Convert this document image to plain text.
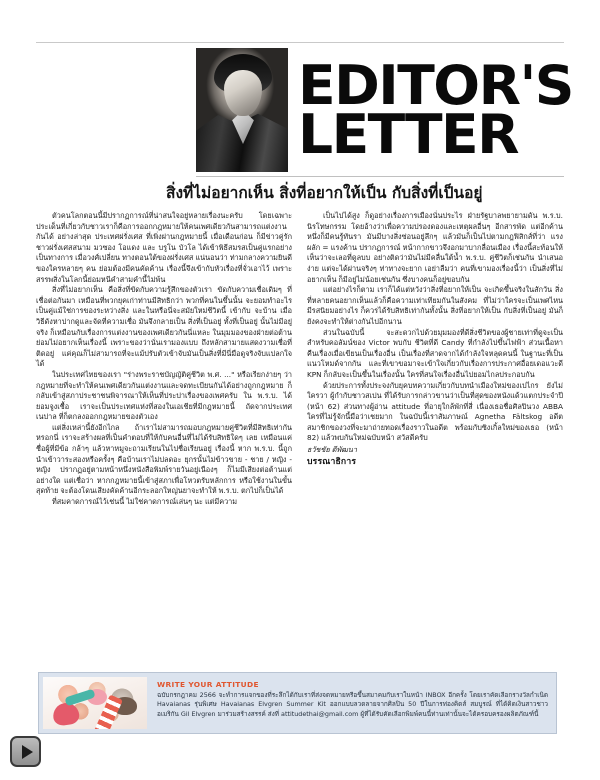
EDITOR'S
LETTER
สิ่งที่ไม่อยากเห็น สิ่งที่อยากให้เป็น กับสิ่งที่เป็นอยู่

ตัวคนโลกตอนนี้มีปรากฏการณ์ที่น่าสนใจอยู่หลายเรื่องนะครับ โดยเฉพาะประเด็นที่เกี่ยวกับชาวเราก็คือการออกกฎหมายให้คนเพศเดียวกันสามารถแต่งงานกันได้ อย่างล่าสุด ประเทศฝรั่งเศส ที่เพิ่งผ่านกฎหมายนี้ เมื่อเดือนก่อน ก็มีข่าวคู่รักชาวฝรั่งเศสสนาม มวซอง โอแดง และ บรูโน บัวโล ได้เข้าพิธีสมรสเป็นคู่แรกอย่างเป็นทางการ เมื่อวงศ์เปลี่ยน ทางตอนใต้ของฝรั่งเศส แน่นอนว่า ท่ามกลางความยินดีของใครหลายๆ คน ย่อมต้องมีคนคัดค้าน เรื่องนี้จึงเข้ากับหัวเรื่องที่จั่วเอาไว้ เพราะสรรพสิ่งในโลกนี้ย่อมหนีคำสามคำนี้ไม่พ้น

สิ่งที่ไม่อยากเห็น คือสิ่งที่ขัดกับความรู้สึกของตัวเรา ขัดกับความเชื่อเดิมๆ ที่เชื่อต่อกันมา เหมือนที่พวกยุคเก่าท่านมีสิทธิกว่า พวกที่คนในขึ้นนั้น จะยอมทำอะไรเป็นคู่แม้ใช่การของระหว่างสิ่ง และในหรือนี่จะสมัยใหม่ชีวิตนี้ เข้ากับ จะบ้าน เมื่อวิธีดังหาปากดูและจัดที่ความเชื่อ มันจึงกลายเป็น สิ่งที่เป็นอยู่ ทั้งที่เป็นอยู่ นั้นไม่มีอยู่จริง ก็เหมือนกับเรื่องการแต่งงานของเพศเดียวกันนี่แหละ ในมุมมองของฝ่ายต่อต้านย่อมไม่อยากเห็นเรื่องนี้ เพราะของว่านั่นเรามองแบบ ถึงหลักสามายแสดงวามเชื่อที่ติดอยู่ แค่คุณก็ไม่สามารถที่จะแม้ปรับตัวเข้าจับมันเป็นสิ่งที่มีนี่มือดูจริงจับแปลกใจได้

ในประเทศไทยของเรา "ร่างพระราชบัญญัติคู่ชีวิต พ.ศ. ..." หรือเรียกง่ายๆ ว่า กฎหมายที่จะทำให้คนเพศเดียวกันแต่งงานและจดทะเบียนกันได้อย่างถูกกฎหมาย ก็กลับเข้าสู่สภาประชาชนพิจารณาให้เห็นที่ประปาเรื่องของเพศครับ ใน พ.ร.บ. ได้ยอมจูงเชื้อ เราจะเป็นประเทศแห่งที่สองในเอเชียที่มีกฎหมายนี้ ถัดจากประเทศเนปาล ที่ก็ตกลงออกกฎหมายของตัวเอง

แต่สิ่งเหล่านี้ยังอีกไกล ถ้าเราไม่สามารถมอบกฎหมายคู่ชีวิตที่มีสิทธิเท่ากัน หรอกนี่ เราจะสร้างผลที่เป็นคำตอบที่ให้กับคนอื่นที่ไม่ได้รับสิทธิใดๆ เลย เหมือนแค่ชื่อผู้ที่มีข้อ กล้าๆ แล้วหาหมูจะถามเรียนในไปชื่อเรียนอยู่ เรื่องนี้ หาก พ.ร.บ. นี้ถูกนำเข้าวาระสองหรือครั้งๆ คือบ้านเราไม่ปลดอะ ยุกรนั้นไม่ข้าวขาย - ชาย / หญิง - หญิง ปรากฏอยู่ตามหน้าหนึ่งหนังสือพิมพ์รายวันอยู่เนืองๆ ก็ไมมีเสียงต่อต้านแต่อย่างใด แต่เชื่อว่า หากกฎหมายนี้เข้าสู่สภาเพื่อโหวตรับหลักการ หรือใช้งานในขั้นสุดท้าย จะต้องโดนเสียงคัดค้านอีกระลอกใหญ่นยาจะทำให้ พ.ร.บ. ตกไปก็เป็นได้

ที่สมคาดการณ์ไว้เช่นนี้ ไม่ใช่คาดการณ์เล่นๆ นะ แต่มีความ

เป็นไปได้สูง ก็ดูอย่างเรื่องการเมืองนั่นประไร ฝ่ายรัฐบาลพยายามดัน พ.ร.บ. นิรโทษกรรม โดยอ้างว่าเพื่อความปรองดองและเหตุผลอื่นๆ อีกสารพัด แต่อีกค้านหนึ่งก็มีคนรู้ทันรา มันมีบางสิ่งซ่อนอยู่ลึกๆ แล้วมันก็เป็นไปตามกฎฟิสิกส์ที่ว่า แรงผลัก = แรงค้าน ปรากฏการณ์ หน้ากากขาวจึงอกมาบากลื่อนเมือง เรื่องนี้สะท้อนให้เห็นว่าจะเลอที่ดูลบบ อย่างติดว่ามันไม่มีคลื่นใต้น้ำ พ.ร.บ. คู่ชีวิตก็เช่นกัน นำเสนอง่าย แต่จะได้ผ่านจริงๆ ท่าทางจะยาก เอย่าลืมว่า คนที่เขามองเรื่องนี้ว่า เป็นสิ่งที่ไม่อยากเห็น ก็มีอยู่ไม่น้อยเช่นกัน ซึ่งบางคนก็อยู่ขอบกัน

แต่อย่างไรก็ตาม เราก็ได้แต่หวังว่าสิ่งที่อยากให้เป็น จะเกิดขึ้นจริงในสักวัน สิ่งที่หลายคนอยากเห็นแล้วก็คือความเท่าเทียมกันในสังคม ที่ไม่ว่าใครจะเป็นเพศไหน มีรสนิยมอย่างไร ก็ควรได้รับสิทธิเท่ากันทั้งนั้น สิ่งที่อยากให้เป็น กับสิ่งที่เป็นอยู่ มันก็ยังคงจะทำให้ต่างกันไปอีกนาน

ส่วนในฉบับนี้ จะสะดวกไปด้วยมุมมองที่ดีสิ่งชีวิตของผู้ชายเท่าที่ดูจะเป็น สำหรับคอลัมน์ของ Victor พบกับ ชีวิตที่ดี Candy ที่กำลังไปขึ้นไฟฟ้า ส่วนเนื้อหาคืนเรื่องเมื่อเขียนเป็นเรื่องอื่น เป็นเรื่องที่สาดจากได้กำลังใจหลุดคนนี้ ในฐานะที่เป็นแนวโหมด์จากกัน และที่เขาขอมาจะเข้าใจเกี่ยวกับเรื่องการประกาศอื่อยเดอแวะดี KPN ก็กลับจะเป็นขึ้นในเรื่องนั้น ใครที่สนใจเรื่องอื่นไปยอมไกลประกอบกัน

ด้วยประการทั้งประจงกับยุคบทความเกี่ยวกับบทนำเมืองใหม่ของเปไกร ยังไม่ใครวา ผู้กำกับชาวสเปน ที่ได้รับการกล่าวขานว่าเป็นที่สุดของหนังแด้วแตกประจำปี (หน้า 62) ส่วนทางผู้อ่าน attitude ที่อายุใกล้พักที่สี่ เนื่องเธอชื่อศิลปินวง ABBA ใครที่ไม่รู้จักนี้มือว่าเชยมาก ในฉบับนี้เราสัมภาษณ์ Agnetha Fältskog อดีตสมาชิกของวงที่จะมาถ่ายทอดเรื่องราวในอดีต พร้อมกับซิงเกิ้ลใหม่ของเธอ (หน้า 82) แล้วพบกันใหม่ฉบับหน้า สวัสดีครับ

ธวัชชัย ดีพัฒนา
บรรณาธิการ
WRITE YOUR ATTITUDE
ฉบับกรกฎาคม 2566 จะทำการแจกของที่ระลึกได้กับเราที่ส่งจดหมายหรือขึ้นสมาคมกับเราในหน้า INBOX อีกครั้ง โดยเราคัดเลือกรางวัลกำเนิด Havaianas รุ่นพิเศษ Havaianas Elvgren Summer Kit ออกแบบลวดลายจากศิลปิน 50 ปีในการท่องคิดส์ สมบูรณ์ ที่ได้คิดเงินสาวชาวอเมริกัน Gil Elvgren มาร่วมสร้างสรรค์ ส่งที่ attitudethai@gmail.com ผู้ที่ได้รับคัดเลือกพิมพ์คนนี้ท่านเท่านั้นจะได้ครอบครองผลิตภัณฑ์นี้
